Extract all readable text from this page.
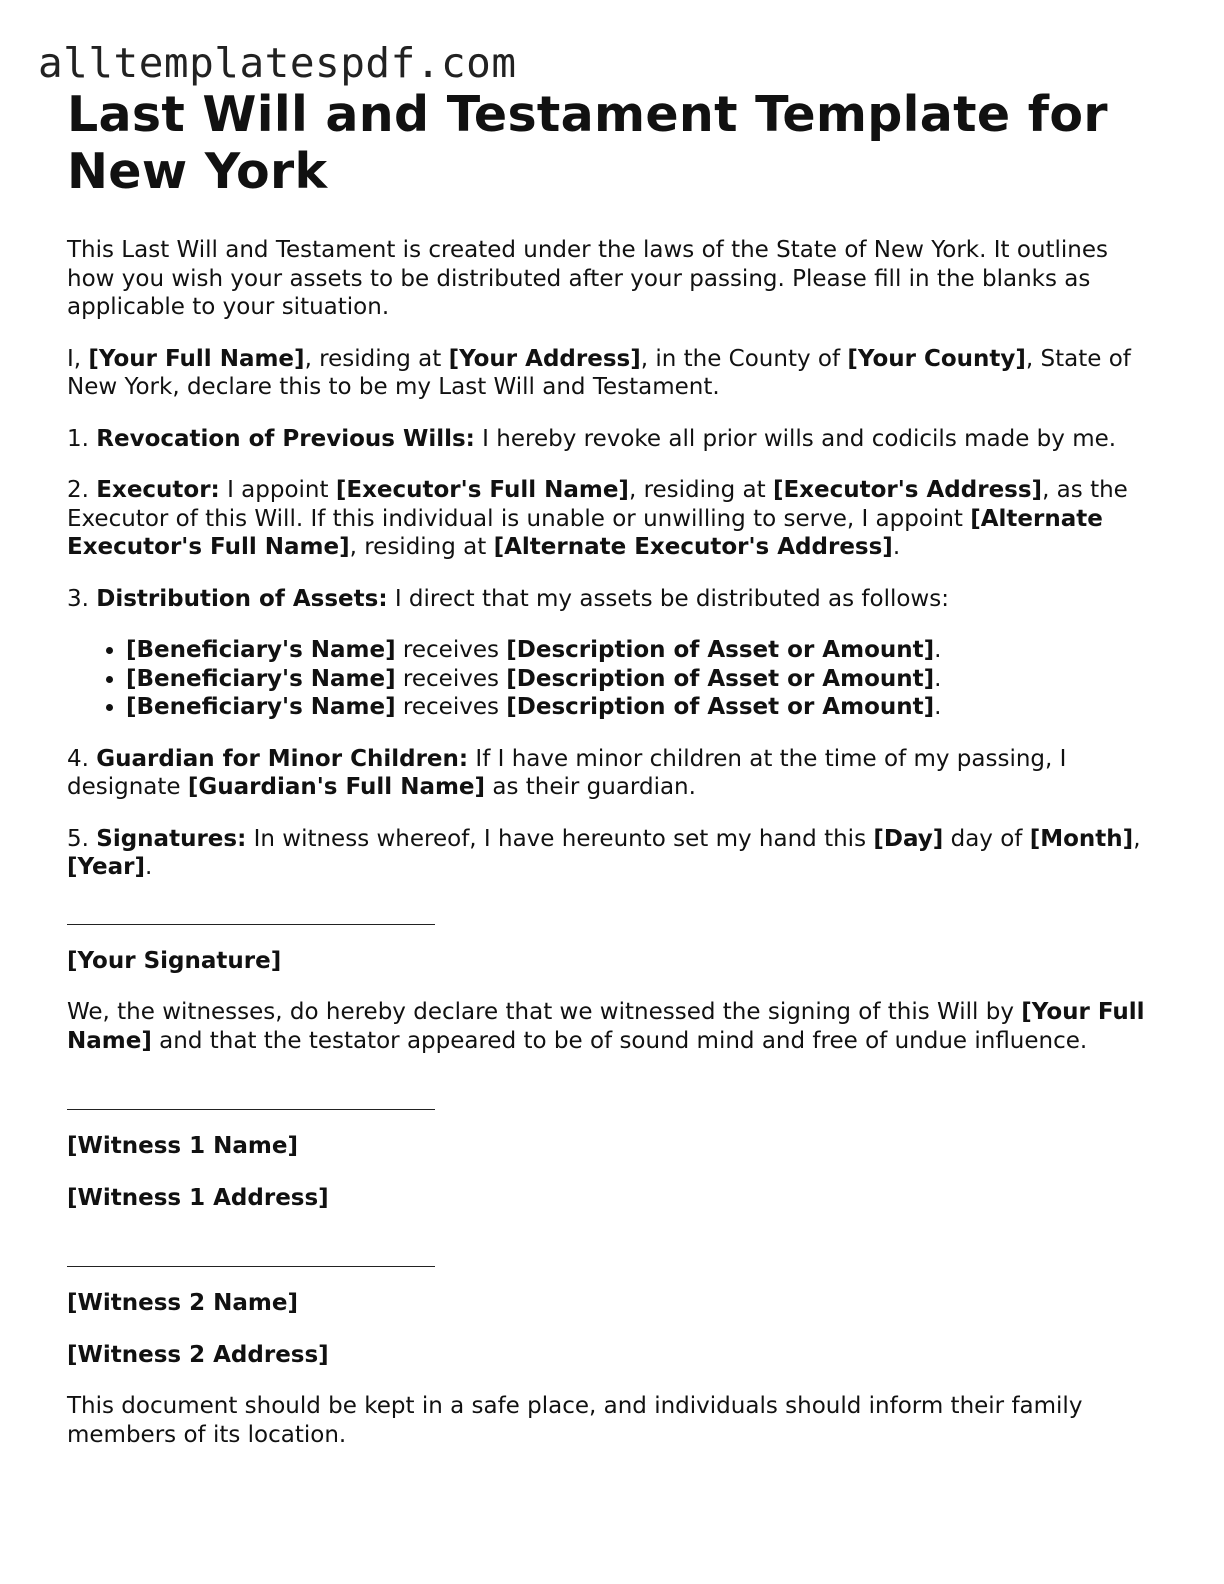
alltemplatespdf.com
Last Will and Testament Template for New York

This Last Will and Testament is created under the laws of the State of New York. It outlines how you wish your assets to be distributed after your passing. Please fill in the blanks as applicable to your situation.

I, [Your Full Name], residing at [Your Address], in the County of [Your County], State of New York, declare this to be my Last Will and Testament.

1. Revocation of Previous Wills: I hereby revoke all prior wills and codicils made by me.

2. Executor: I appoint [Executor's Full Name], residing at [Executor's Address], as the Executor of this Will. If this individual is unable or unwilling to serve, I appoint [Alternate Executor's Full Name], residing at [Alternate Executor's Address].

3. Distribution of Assets: I direct that my assets be distributed as follows:

• [Beneficiary's Name] receives [Description of Asset or Amount].
• [Beneficiary's Name] receives [Description of Asset or Amount].
• [Beneficiary's Name] receives [Description of Asset or Amount].

4. Guardian for Minor Children: If I have minor children at the time of my passing, I designate [Guardian's Full Name] as their guardian.

5. Signatures: In witness whereof, I have hereunto set my hand this [Day] day of [Month], [Year].

[Your Signature]

We, the witnesses, do hereby declare that we witnessed the signing of this Will by [Your Full Name] and that the testator appeared to be of sound mind and free of undue influence.

[Witness 1 Name]

[Witness 1 Address]

[Witness 2 Name]

[Witness 2 Address]

This document should be kept in a safe place, and individuals should inform their family members of its location.
